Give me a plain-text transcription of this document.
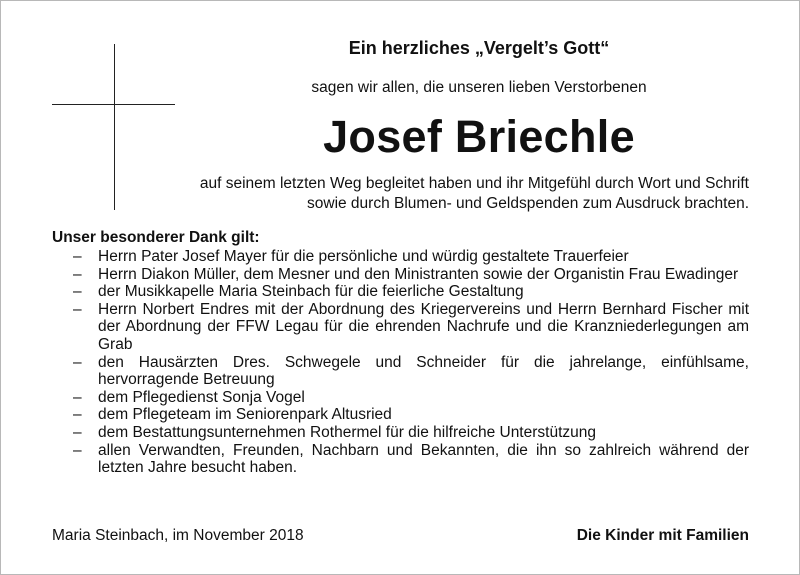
Ein herzliches „Vergelt’s Gott“
sagen wir allen, die unseren lieben Verstorbenen
Josef Briechle
auf seinem letzten Weg begleitet haben und ihr Mitgefühl durch Wort und Schrift sowie durch Blumen- und Geldspenden zum Ausdruck brachten.
Unser besonderer Dank gilt:
– Herrn Pater Josef Mayer für die persönliche und würdig gestaltete Trauerfeier
– Herrn Diakon Müller, dem Mesner und den Ministranten sowie der Organistin Frau Ewadinger
– der Musikkapelle Maria Steinbach für die feierliche Gestaltung
– Herrn Norbert Endres mit der Abordnung des Kriegervereins und Herrn Bernhard Fischer mit der Abordnung der FFW Legau für die ehrenden Nachrufe und die Kranzniederlegungen am Grab
– den Hausärzten Dres. Schwegele und Schneider für die jahrelange, einfühlsame, hervorragende Betreuung
– dem Pflegedienst Sonja Vogel
– dem Pflegeteam im Seniorenpark Altusried
– dem Bestattungsunternehmen Rothermel für die hilfreiche Unterstützung
– allen Verwandten, Freunden, Nachbarn und Bekannten, die ihn so zahlreich während der letzten Jahre besucht haben.
Maria Steinbach, im November 2018	Die Kinder mit Familien
